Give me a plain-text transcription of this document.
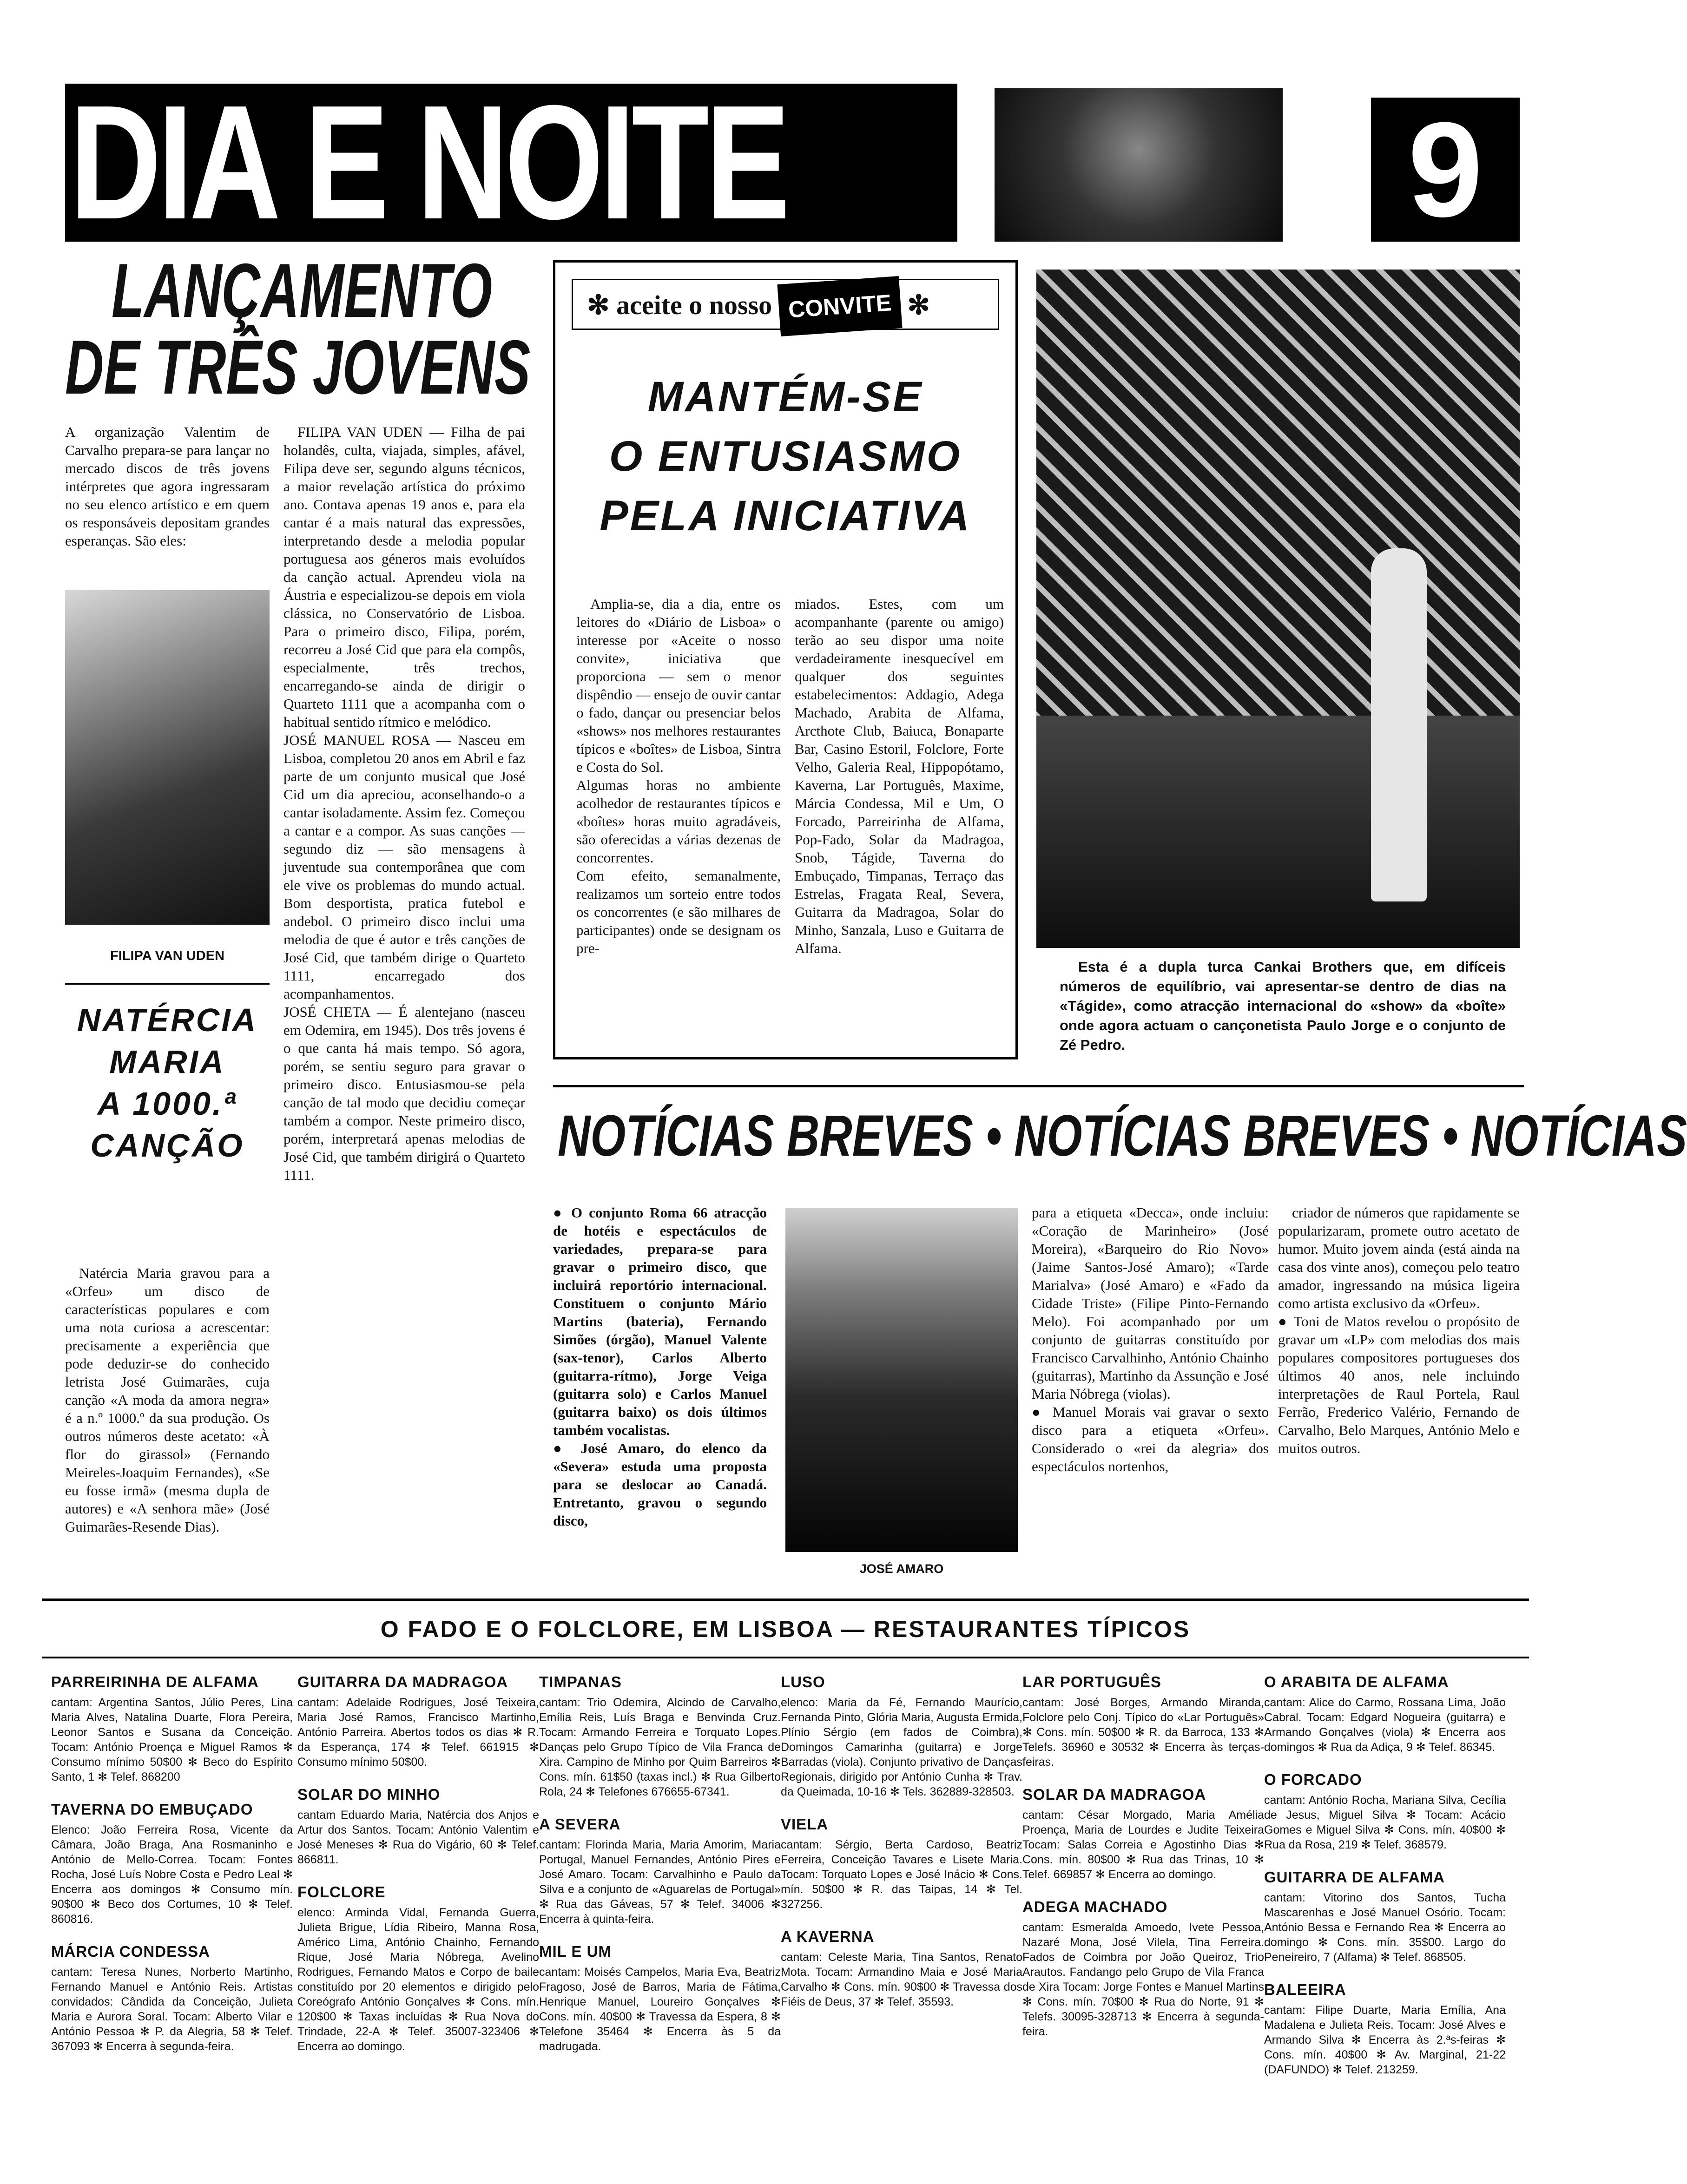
DIA E NOITE	9
LANÇAMENTO
DE TRÊS JOVENS
A organização Valentim de Carvalho prepara-se para lançar no mercado discos de três jovens intérpretes que agora ingressaram no seu elenco artístico e em quem os responsáveis depositam grandes esperanças. São eles:
FILIPA VAN UDEN
FILIPA VAN UDEN — Filha de pai holandês, culta, viajada, simples, afável, Filipa deve ser, segundo alguns técnicos, a maior revelação artística do próximo ano. Contava apenas 19 anos e, para ela cantar é a mais natural das expressões, interpretando desde a melodia popular portuguesa aos géneros mais evoluídos da canção actual. Aprendeu viola na Áustria e especializou-se depois em viola clássica, no Conservatório de Lisboa. Para o primeiro disco, Filipa, porém, recorreu a José Cid que para ela compôs, especialmente, três trechos, encarregando-se ainda de dirigir o Quarteto 1111 que a acompanha com o habitual sentido rítmico e melódico.
JOSÉ MANUEL ROSA — Nasceu em Lisboa, completou 20 anos em Abril e faz parte de um conjunto musical que José Cid um dia apreciou, aconselhando-o a cantar isoladamente. Assim fez. Começou a cantar e a compor. As suas canções — segundo diz — são mensagens à juventude sua contemporânea que com ele vive os problemas do mundo actual. Bom desportista, pratica futebol e andebol. O primeiro disco inclui uma melodia de que é autor e três canções de José Cid, que também dirige o Quarteto 1111, encarregado dos acompanhamentos.
JOSÉ CHETA — É alentejano (nasceu em Odemira, em 1945). Dos três jovens é o que canta há mais tempo. Só agora, porém, se sentiu seguro para gravar o primeiro disco. Entusiasmou-se pela canção de tal modo que decidiu começar também a compor. Neste primeiro disco, porém, interpretará apenas melodias de José Cid, que também dirigirá o Quarteto 1111.
NATÉRCIA
MARIA
A 1000.ª
CANÇÃO
Natércia Maria gravou para a «Orfeu» um disco de características populares e com uma nota curiosa a acrescentar: precisamente a experiência que pode deduzir-se do conhecido letrista José Guimarães, cuja canção «A moda da amora negra» é a n.º 1000.º da sua produção. Os outros números deste acetato: «À flor do girassol» (Fernando Meireles-Joaquim Fernandes), «Se eu fosse irmã» (mesma dupla de autores) e «A senhora mãe» (José Guimarães-Resende Dias).
✻ aceite o nosso CONVITE ✻
MANTÉM-SE
O ENTUSIASMO
PELA INICIATIVA
Amplia-se, dia a dia, entre os leitores do «Diário de Lisboa» o interesse por «Aceite o nosso convite», iniciativa que proporciona — sem o menor dispêndio — ensejo de ouvir cantar o fado, dançar ou presenciar belos «shows» nos melhores restaurantes típicos e «boîtes» de Lisboa, Sintra e Costa do Sol.
Algumas horas no ambiente acolhedor de restaurantes típicos e «boîtes» horas muito agradáveis, são oferecidas a várias dezenas de concorrentes.
Com efeito, semanalmente, realizamos um sorteio entre todos os concorrentes (e são milhares de participantes) onde se designam os pre-
miados. Estes, com um acompanhante (parente ou amigo) terão ao seu dispor uma noite verdadeiramente inesquecível em qualquer dos seguintes estabelecimentos: Addagio, Adega Machado, Arabita de Alfama, Arcthote Club, Baiuca, Bonaparte Bar, Casino Estoril, Folclore, Forte Velho, Galeria Real, Hippopótamo, Kaverna, Lar Português, Maxime, Márcia Condessa, Mil e Um, O Forcado, Parreirinha de Alfama, Pop-Fado, Solar da Madragoa, Snob, Tágide, Taverna do Embuçado, Timpanas, Terraço das Estrelas, Fragata Real, Severa, Guitarra da Madragoa, Solar do Minho, Sanzala, Luso e Guitarra de Alfama.
Esta é a dupla turca Cankai Brothers que, em difíceis números de equilíbrio, vai apresentar-se dentro de dias na «Tágide», como atracção internacional do «show» da «boîte» onde agora actuam o cançonetista Paulo Jorge e o conjunto de Zé Pedro.
NOTÍCIAS BREVES • NOTÍCIAS BREVES • NOTÍCIAS
● O conjunto Roma 66 atracção de hotéis e espectáculos de variedades, prepara-se para gravar o primeiro disco, que incluirá reportório internacional. Constituem o conjunto Mário Martins (bateria), Fernando Simões (órgão), Manuel Valente (sax-tenor), Carlos Alberto (guitarra-rítmo), Jorge Veiga (guitarra solo) e Carlos Manuel (guitarra baixo) os dois últimos também vocalistas.
● José Amaro, do elenco da «Severa» estuda uma proposta para se deslocar ao Canadá. Entretanto, gravou o segundo disco,
JOSÉ AMARO
para a etiqueta «Decca», onde incluiu: «Coração de Marinheiro» (José Moreira), «Barqueiro do Rio Novo» (Jaime Santos-José Amaro); «Tarde Marialva» (José Amaro) e «Fado da Cidade Triste» (Filipe Pinto-Fernando Melo). Foi acompanhado por um conjunto de guitarras constituído por Francisco Carvalhinho, António Chainho (guitarras), Martinho da Assunção e José Maria Nóbrega (violas).
● Manuel Morais vai gravar o sexto disco para a etiqueta «Orfeu». Considerado o «rei da alegria» dos espectáculos nortenhos,
criador de números que rapidamente se popularizaram, promete outro acetato de humor. Muito jovem ainda (está ainda na casa dos vinte anos), começou pelo teatro amador, ingressando na música ligeira como artista exclusivo da «Orfeu».
● Toni de Matos revelou o propósito de gravar um «LP» com melodias dos mais populares compositores portugueses dos últimos 40 anos, nele incluindo interpretações de Raul Portela, Raul Ferrão, Frederico Valério, Fernando de Carvalho, Belo Marques, António Melo e muitos outros.
O FADO E O FOLCLORE, EM LISBOA — RESTAURANTES TÍPICOS
PARREIRINHA DE ALFAMA
cantam: Argentina Santos, Júlio Peres, Lina Maria Alves, Natalina Duarte, Flora Pereira, Leonor Santos e Susana da Conceição. Tocam: António Proença e Miguel Ramos ✻ Consumo mínimo 50$00 ✻ Beco do Espírito Santo, 1 ✻ Telef. 868200
TAVERNA DO EMBUÇADO
Elenco: João Ferreira Rosa, Vicente da Câmara, João Braga, Ana Rosmaninho e António de Mello-Correa. Tocam: Fontes Rocha, José Luís Nobre Costa e Pedro Leal ✻ Encerra aos domingos ✻ Consumo mín. 90$00 ✻ Beco dos Cortumes, 10 ✻ Telef. 860816.
MÁRCIA CONDESSA
cantam: Teresa Nunes, Norberto Martinho, Fernando Manuel e António Reis. Artistas convidados: Cândida da Conceição, Julieta Maria e Aurora Soral. Tocam: Alberto Vilar e António Pessoa ✻ P. da Alegria, 58 ✻ Telef. 367093 ✻ Encerra à segunda-feira.
GUITARRA DA MADRAGOA
cantam: Adelaide Rodrigues, José Teixeira, Maria José Ramos, Francisco Martinho, António Parreira. Abertos todos os dias ✻ R. da Esperança, 174 ✻ Telef. 661915 ✻ Consumo mínimo 50$00.
SOLAR DO MINHO
cantam Eduardo Maria, Natércia dos Anjos e Artur dos Santos. Tocam: António Valentim e José Meneses ✻ Rua do Vigário, 60 ✻ Telef. 866811.
FOLCLORE
elenco: Arminda Vidal, Fernanda Guerra, Julieta Brigue, Lídia Ribeiro, Manna Rosa, Américo Lima, António Chainho, Fernando Rique, José Maria Nóbrega, Avelino Rodrigues, Fernando Matos e Corpo de baile constituído por 20 elementos e dirigido pelo Coreógrafo António Gonçalves ✻ Cons. mín. 120$00 ✻ Taxas incluídas ✻ Rua Nova do Trindade, 22-A ✻ Telef. 35007-323406 ✻ Encerra ao domingo.
TIMPANAS
cantam: Trio Odemira, Alcindo de Carvalho, Emília Reis, Luís Braga e Benvinda Cruz. Tocam: Armando Ferreira e Torquato Lopes. Danças pelo Grupo Típico de Vila Franca de Xira. Campino de Minho por Quim Barreiros ✻ Cons. mín. 61$50 (taxas incl.) ✻ Rua Gilberto Rola, 24 ✻ Telefones 676655-67341.
A SEVERA
cantam: Florinda Maria, Maria Amorim, Maria Portugal, Manuel Fernandes, António Pires e José Amaro. Tocam: Carvalhinho e Paulo da Silva e a conjunto de «Aguarelas de Portugal» ✻ Rua das Gáveas, 57 ✻ Telef. 34006 ✻ Encerra à quinta-feira.
MIL E UM
cantam: Moisés Campelos, Maria Eva, Beatriz Fragoso, José de Barros, Maria de Fátima, Henrique Manuel, Loureiro Gonçalves ✻ Cons. mín. 40$00 ✻ Travessa da Espera, 8 ✻ Telefone 35464 ✻ Encerra às 5 da madrugada.
LUSO
elenco: Maria da Fé, Fernando Maurício, Fernanda Pinto, Glória Maria, Augusta Ermida, Plínio Sérgio (em fados de Coimbra), Domingos Camarinha (guitarra) e Jorge Barradas (viola). Conjunto privativo de Danças Regionais, dirigido por António Cunha ✻ Trav. da Queimada, 10-16 ✻ Tels. 362889-328503.
VIELA
cantam: Sérgio, Berta Cardoso, Beatriz Ferreira, Conceição Tavares e Lisete Maria. Tocam: Torquato Lopes e José Inácio ✻ Cons. mín. 50$00 ✻ R. das Taipas, 14 ✻ Tel. 327256.
A KAVERNA
cantam: Celeste Maria, Tina Santos, Renato Mota. Tocam: Armandino Maia e José Maria Carvalho ✻ Cons. mín. 90$00 ✻ Travessa dos Fiéis de Deus, 37 ✻ Telef. 35593.
LAR PORTUGUÊS
cantam: José Borges, Armando Miranda, Folclore pelo Conj. Típico do «Lar Português» ✻ Cons. mín. 50$00 ✻ R. da Barroca, 133 ✻ Telefs. 36960 e 30532 ✻ Encerra às terças-feiras.
SOLAR DA MADRAGOA
cantam: César Morgado, Maria Amélia Proença, Maria de Lourdes e Judite Teixeira Tocam: Salas Correia e Agostinho Dias ✻ Cons. mín. 80$00 ✻ Rua das Trinas, 10 ✻ Telef. 669857 ✻ Encerra ao domingo.
ADEGA MACHADO
cantam: Esmeralda Amoedo, Ivete Pessoa, Nazaré Mona, José Vilela, Tina Ferreira. Fados de Coimbra por João Queiroz, Trio Arautos. Fandango pelo Grupo de Vila Franca de Xira Tocam: Jorge Fontes e Manuel Martins ✻ Cons. mín. 70$00 ✻ Rua do Norte, 91 ✻ Telefs. 30095-328713 ✻ Encerra à segunda-feira.
O ARABITA DE ALFAMA
cantam: Alice do Carmo, Rossana Lima, João Cabral. Tocam: Edgard Nogueira (guitarra) e Armando Gonçalves (viola) ✻ Encerra aos domingos ✻ Rua da Adiça, 9 ✻ Telef. 86345.
O FORCADO
cantam: António Rocha, Mariana Silva, Cecília de Jesus, Miguel Silva ✻ Tocam: Acácio Gomes e Miguel Silva ✻ Cons. mín. 40$00 ✻ Rua da Rosa, 219 ✻ Telef. 368579.
GUITARRA DE ALFAMA
cantam: Vitorino dos Santos, Tucha Mascarenhas e José Manuel Osório. Tocam: António Bessa e Fernando Rea ✻ Encerra ao domingo ✻ Cons. mín. 35$00. Largo do Peneireiro, 7 (Alfama) ✻ Telef. 868505.
BALEEIRA
cantam: Filipe Duarte, Maria Emília, Ana Madalena e Julieta Reis. Tocam: José Alves e Armando Silva ✻ Encerra às 2.ªs-feiras ✻ Cons. mín. 40$00 ✻ Av. Marginal, 21-22 (DAFUNDO) ✻ Telef. 213259.
